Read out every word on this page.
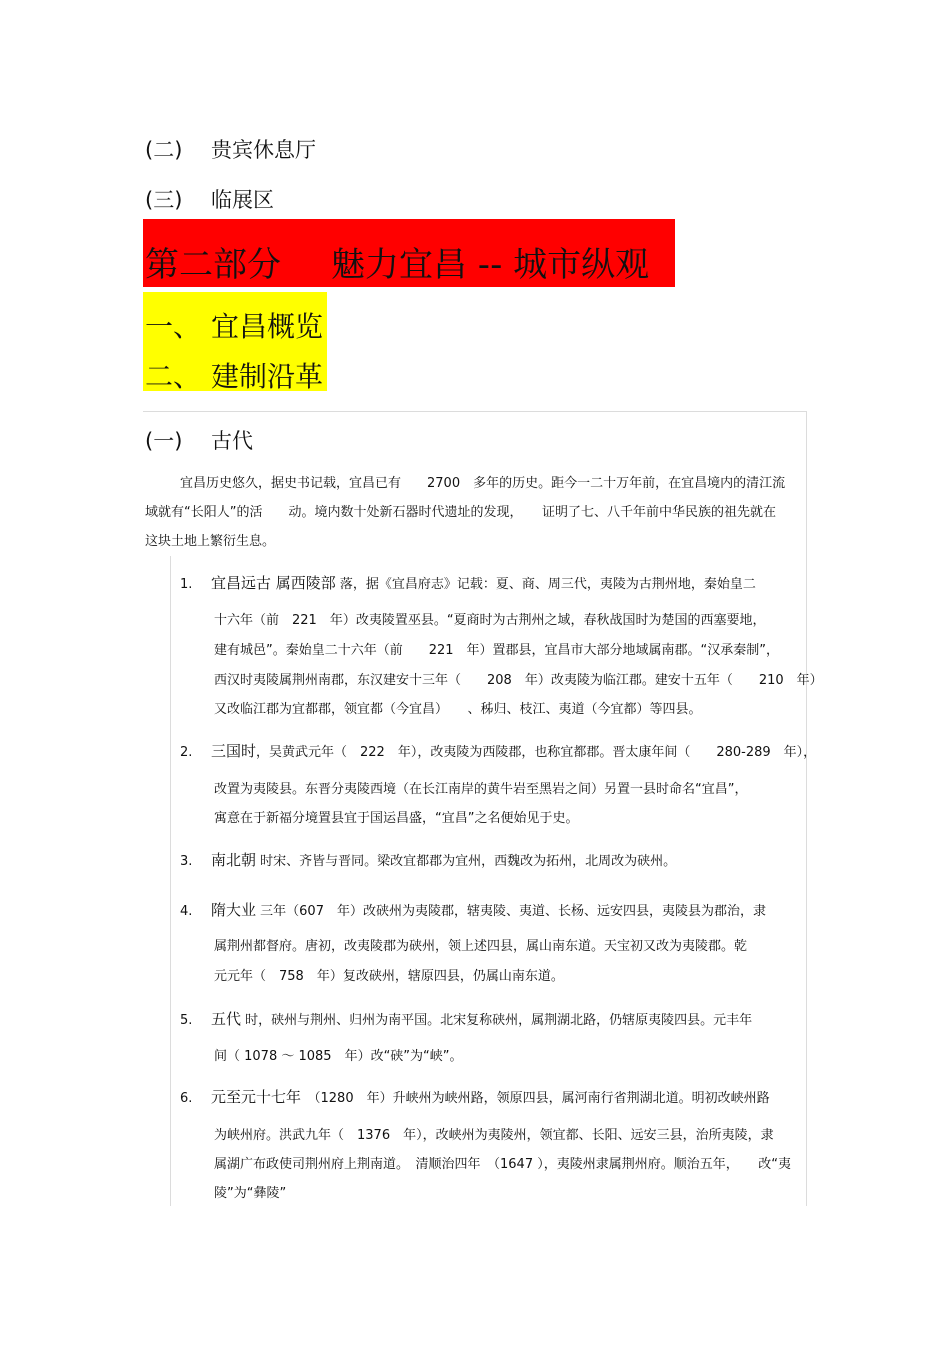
(二) 贵宾休息厅
(三) 临展区
第二部分 魅力宜昌 -- 城市纵观
一、 宜昌概览
二、 建制沿革
(一) 古代
宜昌历史悠久，据史书记载，宜昌已有　　2700　多年的历史。距今一二十万年前，在宜昌境内的清江流
域就有“长阳人”的活　　动。境内数十处新石器时代遗址的发现，　　证明了七、八千年前中华民族的祖先就在
这块土地上繁衍生息。
1. 宜昌远古 属西陵部 落，据《宜昌府志》记载：夏、商、周三代，夷陵为古荆州地，秦始皇二
十六年（前　221　年）改夷陵置巫县。“夏商时为古荆州之域，春秋战国时为楚国的西塞要地，
建有城邑”。秦始皇二十六年（前　　221　年）置郡县，宜昌市大部分地域属南郡。“汉承秦制”，
西汉时夷陵属荆州南郡，东汉建安十三年（　　208　年）改夷陵为临江郡。建安十五年（　　210　年）
又改临江郡为宜都郡，领宜都（今宜昌）　　、秭归、枝江、夷道（今宜都）等四县。
2. 三国时，吴黄武元年（　222　年），改夷陵为西陵郡，也称宜都郡。晋太康年间（　　280-289　年），
改置为夷陵县。东晋分夷陵西境（在长江南岸的黄牛岩至黑岩之间）另置一县时命名“宜昌”，
寓意在于新福分境置县宜于国运昌盛，“宜昌”之名便始见于史。
3. 南北朝 时宋、齐皆与晋同。梁改宜都郡为宜州，西魏改为拓州，北周改为硖州。
4. 隋大业 三年（607　年）改硖州为夷陵郡，辖夷陵、夷道、长杨、远安四县，夷陵县为郡治，隶
属荆州都督府。唐初，改夷陵郡为硖州，领上述四县，属山南东道。天宝初又改为夷陵郡。乾
元元年（　758　年）复改硖州，辖原四县，仍属山南东道。
5. 五代 时，硖州与荆州、归州为南平国。北宋复称硖州，属荆湖北路，仍辖原夷陵四县。元丰年
间（ 1078 ～ 1085　年）改“硖”为“峡”。
6. 元至元十七年　（1280　年）升峡州为峡州路，领原四县，属河南行省荆湖北道。明初改峡州路
为峡州府。洪武九年（　1376　年），改峡州为夷陵州，领宜都、长阳、远安三县，治所夷陵，隶
属湖广布政使司荆州府上荆南道。　清顺治四年　（1647 ），夷陵州隶属荆州府。顺治五年，　　改“夷
陵”为“彝陵”
